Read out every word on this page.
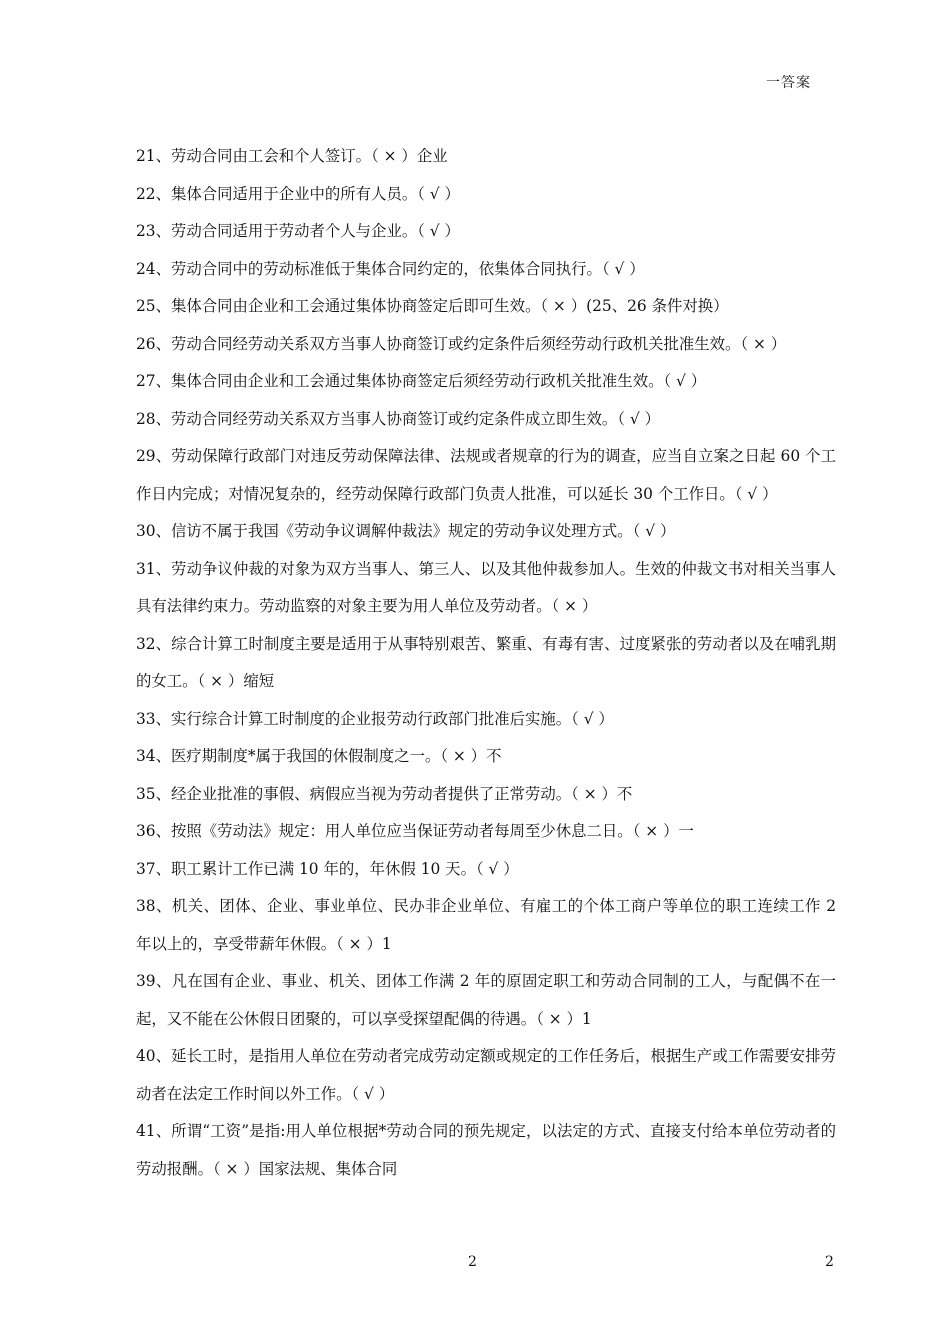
一答案

21、劳动合同由工会和个人签订。（ × ）企业

22、集体合同适用于企业中的所有人员。（ √ ）

23、劳动合同适用于劳动者个人与企业。（ √ ）

24、劳动合同中的劳动标准低于集体合同约定的，依集体合同执行。（ √ ）

25、集体合同由企业和工会通过集体协商签定后即可生效。（ × ）(25、26 条件对换）

26、劳动合同经劳动关系双方当事人协商签订或约定条件后须经劳动行政机关批准生效。（ × ）

27、集体合同由企业和工会通过集体协商签定后须经劳动行政机关批准生效。（ √ ）

28、劳动合同经劳动关系双方当事人协商签订或约定条件成立即生效。（ √ ）

29、劳动保障行政部门对违反劳动保障法律、法规或者规章的行为的调查，应当自立案之日起 60 个工作日内完成；对情况复杂的，经劳动保障行政部门负责人批准，可以延长 30 个工作日。（ √ ）

30、信访不属于我国《劳动争议调解仲裁法》规定的劳动争议处理方式。（ √ ）

31、劳动争议仲裁的对象为双方当事人、第三人、以及其他仲裁参加人。生效的仲裁文书对相关当事人具有法律约束力。劳动监察的对象主要为用人单位及劳动者。（ × ）

32、综合计算工时制度主要是适用于从事特别艰苦、繁重、有毒有害、过度紧张的劳动者以及在哺乳期的女工。（ × ）缩短

33、实行综合计算工时制度的企业报劳动行政部门批准后实施。（ √ ）

34、医疗期制度*属于我国的休假制度之一。（ × ）不

35、经企业批准的事假、病假应当视为劳动者提供了正常劳动。（ × ）不

36、按照《劳动法》规定：用人单位应当保证劳动者每周至少休息二日。（ × ）一

37、职工累计工作已满 10 年的，年休假 10 天。（ √ ）

38、机关、团体、企业、事业单位、民办非企业单位、有雇工的个体工商户等单位的职工连续工作 2 年以上的，享受带薪年休假。（ × ）1

39、凡在国有企业、事业、机关、团体工作满 2 年的原固定职工和劳动合同制的工人，与配偶不在一起，又不能在公休假日团聚的，可以享受探望配偶的待遇。（ × ）1

40、延长工时，是指用人单位在劳动者完成劳动定额或规定的工作任务后，根据生产或工作需要安排劳动者在法定工作时间以外工作。（ √ ）

41、所谓“工资”是指:用人单位根据*劳动合同的预先规定，以法定的方式、直接支付给本单位劳动者的劳动报酬。（ × ）国家法规、集体合同

2	2
